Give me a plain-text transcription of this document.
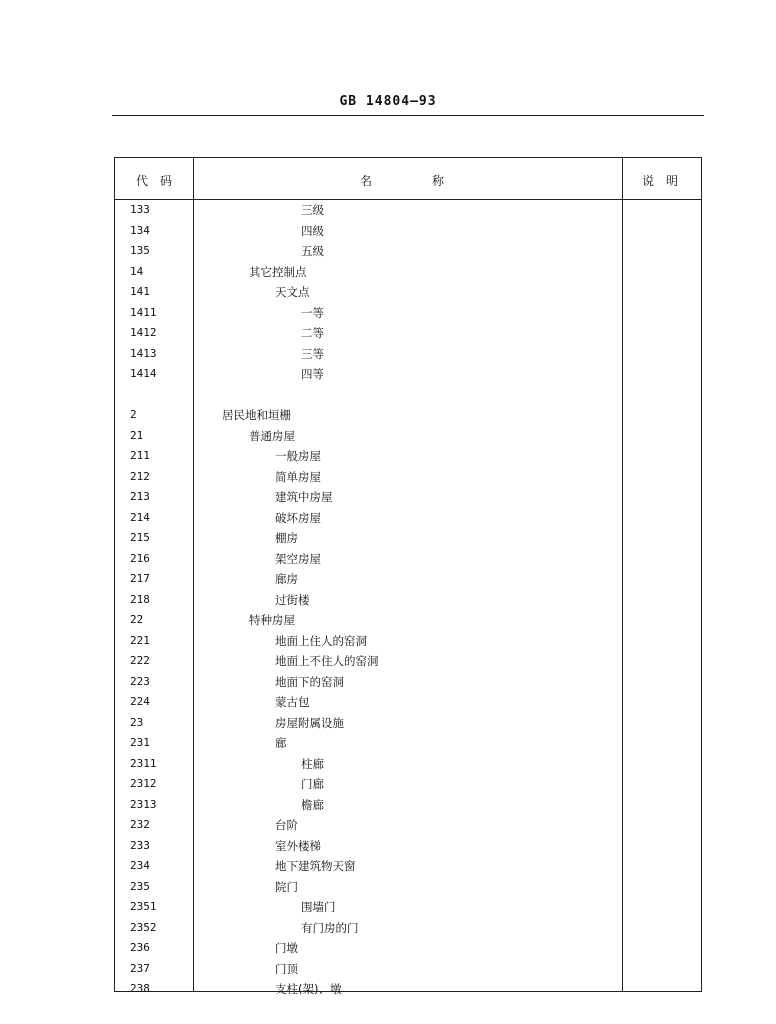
GB 14804—93
代　码	名　　　　　称	说　明
133	三级
134	四级
135	五级
14	其它控制点
141	天文点
1411	一等
1412	二等
1413	三等
1414	四等
2	居民地和垣栅
21	普通房屋
211	一般房屋
212	简单房屋
213	建筑中房屋
214	破坏房屋
215	棚房
216	架空房屋
217	廊房
218	过街楼
22	特种房屋
221	地面上住人的窑洞
222	地面上不住人的窑洞
223	地面下的窑洞
224	蒙古包
23	房屋附属设施
231	廊
2311	柱廊
2312	门廊
2313	檐廊
232	台阶
233	室外楼梯
234	地下建筑物天窗
235	院门
2351	围墙门
2352	有门房的门
236	门墩
237	门顶
238	支柱(架)、墩
